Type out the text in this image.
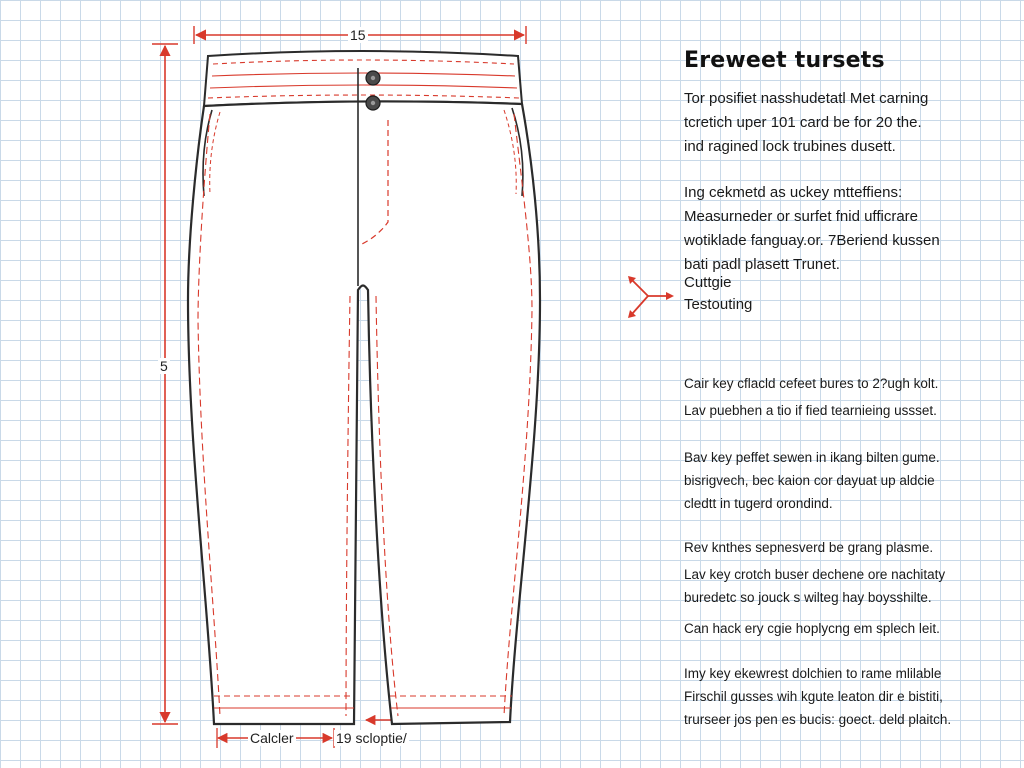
15
5
Calcler	19 scloptie/
Ereweet tursets

Tor posifiet nasshudetatl Met carning
tcretich uper 101 card be for 20 the.
ind ragined lock trubines dusett.

Ing cekmetd as uckey mtteffiens:
Measurneder or surfet fnid ufficrare
wotiklade fanguay.or. 7Beriend kussen
bati padl plasett Trunet.

Cuttgie
Testouting

Cair key cflacld cefeet bures to 2?ugh kolt.

Lav puebhen a tio if fied tearnieing ussset.

Bav key peffet sewen in ikang bilten gume.
bisrigvech, bec kaion cor dayuat up aldcie
cledtt in tugerd orondind.

Rev knthes sepnesverd be grang plasme.

Lav key crotch buser dechene ore nachitaty
buredetc so jouck s wilteg hay boysshilte.

Can hack ery cgie hoplycng em splech leit.

Imy key ekewrest dolchien to rame mlilable
Firschil gusses wih kgute leaton dir e bistiti,
trurseer jos pen es bucis: goect. deld plaitch.
